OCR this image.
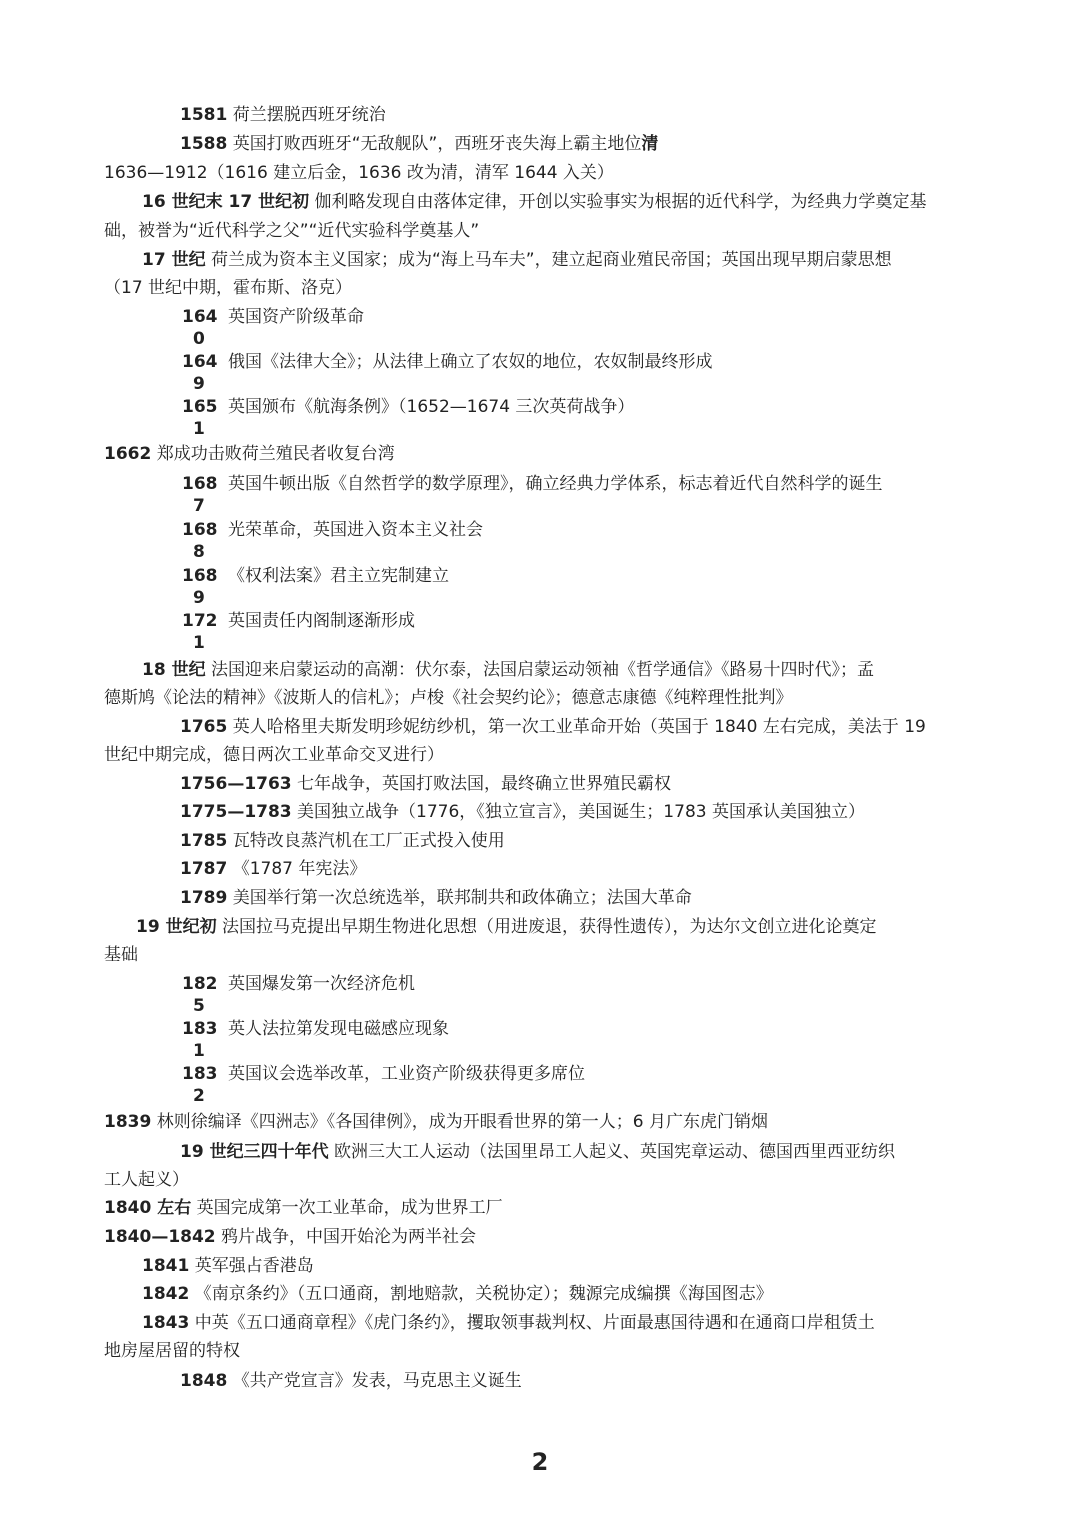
1581 荷兰摆脱西班牙统治
1588 英国打败西班牙“无敌舰队”，西班牙丧失海上霸主地位清
1636—1912（1616 建立后金，1636 改为清，清军 1644 入关）
16 世纪末 17 世纪初 伽利略发现自由落体定律，开创以实验事实为根据的近代科学，为经典力学奠定基
础，被誉为“近代科学之父”“近代实验科学奠基人”
17 世纪 荷兰成为资本主义国家；成为“海上马车夫”，建立起商业殖民帝国；英国出现早期启蒙思想
（17 世纪中期，霍布斯、洛克）
164
0
英国资产阶级革命
164
9
俄国《法律大全》；从法律上确立了农奴的地位，农奴制最终形成
165
1
英国颁布《航海条例》（1652—1674 三次英荷战争）
1662 郑成功击败荷兰殖民者收复台湾
168
7
英国牛顿出版《自然哲学的数学原理》，确立经典力学体系，标志着近代自然科学的诞生
168
8
光荣革命，英国进入资本主义社会
168
9
《权利法案》君主立宪制建立
172
1
英国责任内阁制逐渐形成
18 世纪 法国迎来启蒙运动的高潮：伏尔泰，法国启蒙运动领袖《哲学通信》《路易十四时代》；孟
德斯鸠《论法的精神》《波斯人的信札》；卢梭《社会契约论》；德意志康德《纯粹理性批判》
1765 英人哈格里夫斯发明珍妮纺纱机，第一次工业革命开始（英国于 1840 左右完成，美法于 19
世纪中期完成，德日两次工业革命交叉进行）
1756—1763 七年战争，英国打败法国，最终确立世界殖民霸权
1775—1783 美国独立战争（1776，《独立宣言》，美国诞生；1783 英国承认美国独立）
1785 瓦特改良蒸汽机在工厂正式投入使用
1787 《1787 年宪法》
1789 美国举行第一次总统选举，联邦制共和政体确立；法国大革命
19 世纪初 法国拉马克提出早期生物进化思想（用进废退，获得性遗传），为达尔文创立进化论奠定
基础
182
5
英国爆发第一次经济危机
183
1
英人法拉第发现电磁感应现象
183
2
英国议会选举改革，工业资产阶级获得更多席位
1839 林则徐编译《四洲志》《各国律例》，成为开眼看世界的第一人；6 月广东虎门销烟
19 世纪三四十年代 欧洲三大工人运动（法国里昂工人起义、英国宪章运动、德国西里西亚纺织
工人起义）
1840 左右 英国完成第一次工业革命，成为世界工厂
1840—1842 鸦片战争，中国开始沦为两半社会
1841 英军强占香港岛
1842 《南京条约》（五口通商，割地赔款，关税协定）；魏源完成编撰《海国图志》
1843 中英《五口通商章程》《虎门条约》，攫取领事裁判权、片面最惠国待遇和在通商口岸租赁土
地房屋居留的特权
1848 《共产党宣言》发表，马克思主义诞生
2
